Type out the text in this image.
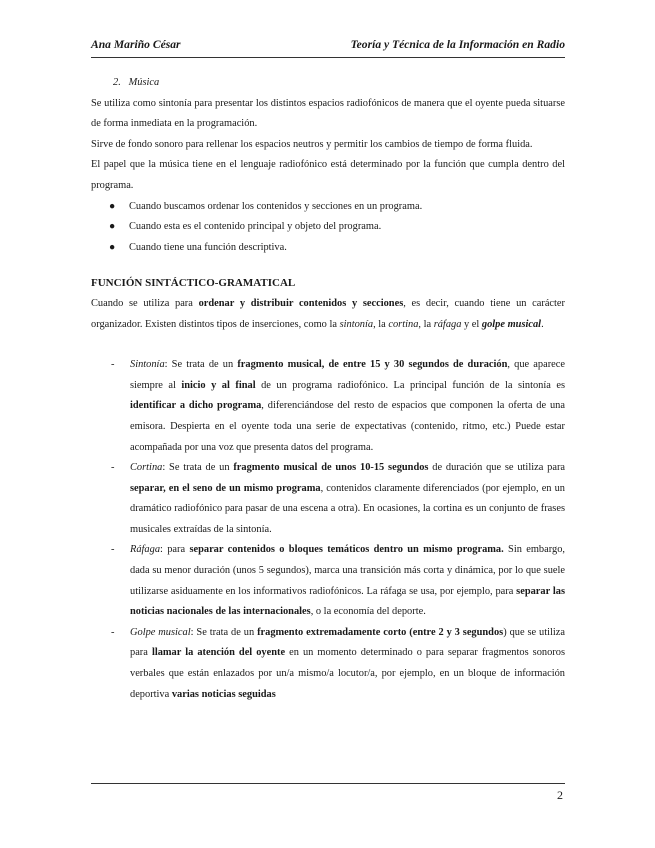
Ana Mariño César	Teoría y Técnica de la Información en Radio

2. Música

Se utiliza como sintonía para presentar los distintos espacios radiofónicos de manera que el oyente pueda situarse de forma inmediata en la programación.

Sirve de fondo sonoro para rellenar los espacios neutros y permitir los cambios de tiempo de forma fluida.

El papel que la música tiene en el lenguaje radiofónico está determinado por la función que cumpla dentro del programa.

● Cuando buscamos ordenar los contenidos y secciones en un programa.
● Cuando esta es el contenido principal y objeto del programa.
● Cuando tiene una función descriptiva.

FUNCIÓN SINTÁCTICO-GRAMATICAL

Cuando se utiliza para ordenar y distribuir contenidos y secciones, es decir, cuando tiene un carácter organizador. Existen distintos tipos de inserciones, como la sintonía, la cortina, la ráfaga y el golpe musical.

- Sintonía: Se trata de un fragmento musical, de entre 15 y 30 segundos de duración, que aparece siempre al inicio y al final de un programa radiofónico. La principal función de la sintonía es identificar a dicho programa, diferenciándose del resto de espacios que componen la oferta de una emisora. Despierta en el oyente toda una serie de expectativas (contenido, ritmo, etc.) Puede estar acompañada por una voz que presenta datos del programa.
- Cortina: Se trata de un fragmento musical de unos 10-15 segundos de duración que se utiliza para separar, en el seno de un mismo programa, contenidos claramente diferenciados (por ejemplo, en un dramático radiofónico para pasar de una escena a otra). En ocasiones, la cortina es un conjunto de frases musicales extraídas de la sintonía.
- Ráfaga: para separar contenidos o bloques temáticos dentro un mismo programa. Sin embargo, dada su menor duración (unos 5 segundos), marca una transición más corta y dinámica, por lo que suele utilizarse asiduamente en los informativos radiofónicos. La ráfaga se usa, por ejemplo, para separar las noticias nacionales de las internacionales, o la economía del deporte.
- Golpe musical: Se trata de un fragmento extremadamente corto (entre 2 y 3 segundos) que se utiliza para llamar la atención del oyente en un momento determinado o para separar fragmentos sonoros verbales que están enlazados por un/a mismo/a locutor/a, por ejemplo, en un bloque de información deportiva varias noticias seguidas
2
